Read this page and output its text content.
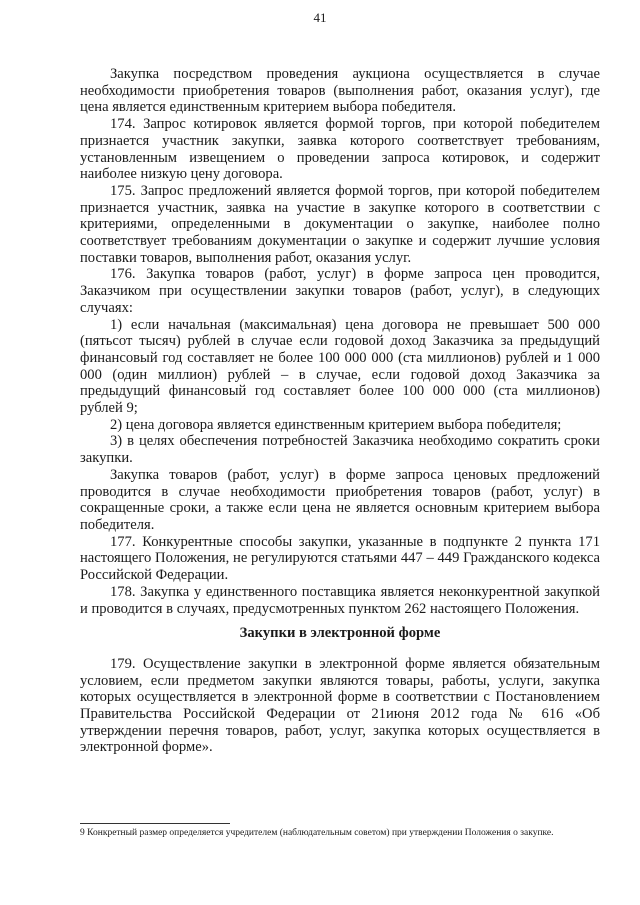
41

Закупка посредством проведения аукциона осуществляется в случае необходимости приобретения товаров (выполнения работ, оказания услуг), где цена является единственным критерием выбора победителя.

174. Запрос котировок является формой торгов, при которой победителем признается участник закупки, заявка которого соответствует требованиям, установленным извещением о проведении запроса котировок, и содержит наиболее низкую цену договора.

175. Запрос предложений является формой торгов, при которой победителем признается участник, заявка на участие в закупке которого в соответствии с критериями, определенными в документации о закупке, наиболее полно соответствует требованиям документации о закупке и содержит лучшие условия поставки товаров, выполнения работ, оказания услуг.

176. Закупка товаров (работ, услуг) в форме запроса цен проводится, Заказчиком при осуществлении закупки товаров (работ, услуг), в следующих случаях:

1) если начальная (максимальная) цена договора не превышает 500 000 (пятьсот тысяч) рублей в случае если годовой доход Заказчика за предыдущий финансовый год составляет не более 100 000 000 (ста миллионов) рублей и 1 000 000 (один миллион) рублей – в случае, если годовой доход Заказчика за предыдущий финансовый год составляет более 100 000 000 (ста миллионов) рублей 9;

2) цена договора является единственным критерием выбора победителя;

3) в целях обеспечения потребностей Заказчика необходимо сократить сроки закупки.

Закупка товаров (работ, услуг) в форме запроса ценовых предложений проводится в случае необходимости приобретения товаров (работ, услуг) в сокращенные сроки, а также если цена не является основным критерием выбора победителя.

177. Конкурентные способы закупки, указанные в подпункте 2 пункта 171 настоящего Положения, не регулируются статьями 447 – 449 Гражданского кодекса Российской Федерации.

178. Закупка у единственного поставщика является неконкурентной закупкой и проводится в случаях, предусмотренных пунктом 262 настоящего Положения.

Закупки в электронной форме

179. Осуществление закупки в электронной форме является обязательным условием, если предметом закупки являются товары, работы, услуги, закупка которых осуществляется в электронной форме в соответствии с Постановлением Правительства Российской Федерации от 21июня 2012 года № 616 «Об утверждении перечня товаров, работ, услуг, закупка которых осуществляется в электронной форме».

9 Конкретный размер определяется учредителем (наблюдательным советом) при утверждении Положения о закупке.
